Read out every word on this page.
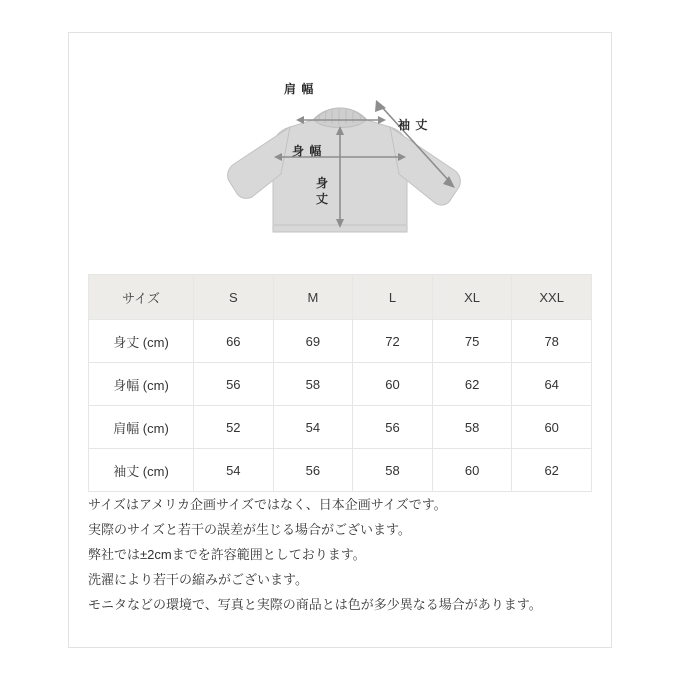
肩 幅
身 幅
袖 丈
身
丈
サイズ	S	M	L	XL	XXL
身丈 (cm)	66	69	72	75	78
身幅 (cm)	56	58	60	62	64
肩幅 (cm)	52	54	56	58	60
袖丈 (cm)	54	56	58	60	62

サイズはアメリカ企画サイズではなく、日本企画サイズです。

実際のサイズと若干の誤差が生じる場合がございます。

弊社では±2cmまでを許容範囲としております。

洗濯により若干の縮みがございます。

モニタなどの環境で、写真と実際の商品とは色が多少異なる場合があります。
